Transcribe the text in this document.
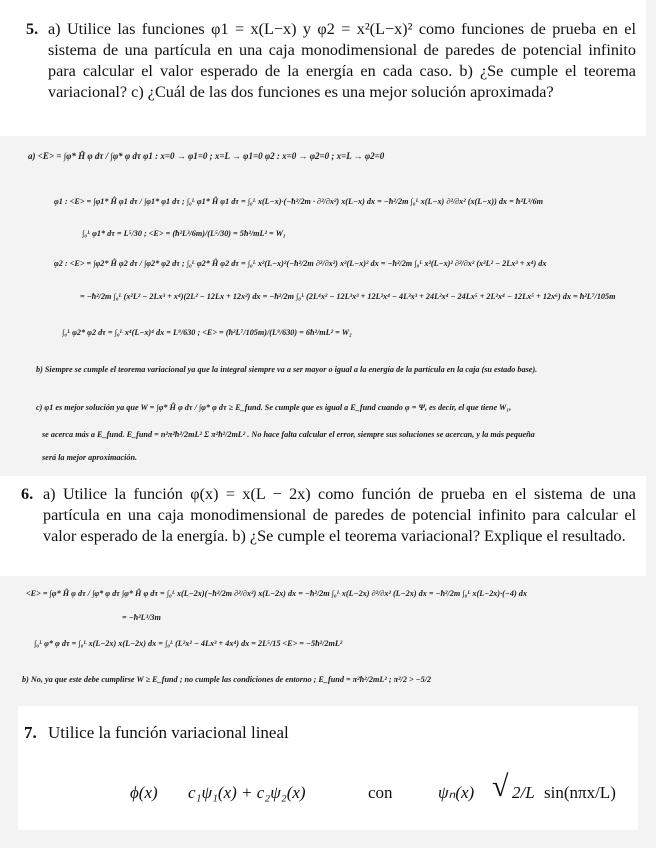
5. a) Utilice las funciones φ1 = x(L−x) y φ2 = x²(L−x)² como funciones de prueba en el sistema de una partícula en una caja monodimensional de paredes de potencial infinito para calcular el valor esperado de la energía en cada caso. b) ¿Se cumple el teorema variacional? c) ¿Cuál de las dos funciones es una mejor solución aproximada?
a) <E> = ∫φ* Ĥ φ dτ / ∫φ* φ dτ φ1 : x=0 → φ1=0 ; x=L → φ1=0 φ2 : x=0 → φ2=0 ; x=L → φ2=0
φ1 : <E> = ∫φ1* Ĥ φ1 dτ / ∫φ1* φ1 dτ ; ∫₀ᴸ φ1* Ĥ φ1 dτ = ∫₀ᴸ x(L−x)·(−ħ²/2m · ∂²/∂x²) x(L−x) dx = −ħ²/2m ∫₀ᴸ x(L−x) ∂²/∂x² (x(L−x)) dx = ħ²L³/6m
∫₀ᴸ φ1* dτ = L⁵/30 ; <E> = (ħ²L³/6m)/(L⁵/30) = 5ħ²/mL² = W₁
φ2 : <E> = ∫φ2* Ĥ φ2 dτ / ∫φ2* φ2 dτ ; ∫₀ᴸ φ2* Ĥ φ2 dτ = ∫₀ᴸ x²(L−x)²(−ħ²/2m ∂²/∂x²) x²(L−x)² dx = −ħ²/2m ∫₀ᴸ x²(L−x)² ∂²/∂x² (x²L² − 2Lx³ + x⁴) dx
= −ħ²/2m ∫₀ᴸ (x²L² − 2Lx³ + x⁴)(2L² − 12Lx + 12x²) dx = −ħ²/2m ∫₀ᴸ (2L⁴x² − 12L³x³ + 12L²x⁴ − 4L³x³ + 24L²x⁴ − 24Lx⁵ + 2L²x⁴ − 12Lx⁵ + 12x⁶) dx = ħ²L⁷/105m
∫₀ᴸ φ2* φ2 dτ = ∫₀ᴸ x⁴(L−x)⁴ dx = L⁹/630 ; <E> = (ħ²L⁷/105m)/(L⁹/630) = 6ħ²/mL² = W₂
b) Siempre se cumple el teorema variacional ya que la integral siempre va a ser mayor o igual a la energía de la partícula en la caja (su estado base).
c) φ1 es mejor solución ya que W = ∫φ* Ĥ φ dτ / ∫φ* φ dτ ≥ E_fund. Se cumple que es igual a E_fund cuando φ = Ψ, es decir, el que tiene W₁,
se acerca más a E_fund. E_fund = n²π²ħ²/2mL² Σ π²ħ²/2mL² . No hace falta calcular el error, siempre sus soluciones se acercan, y la más pequeña
será la mejor aproximación.
6. a) Utilice la función φ(x) = x(L − 2x) como función de prueba en el sistema de una partícula en una caja monodimensional de paredes de potencial infinito para calcular el valor esperado de la energía. b) ¿Se cumple el teorema variacional? Explique el resultado.
<E> = ∫φ* Ĥ φ dτ / ∫φ* φ dτ ∫φ* Ĥ φ dτ = ∫₀ᴸ x(L−2x)(−ħ²/2m ∂²/∂x²) x(L−2x) dx = −ħ²/2m ∫₀ᴸ x(L−2x) ∂²/∂x² (L−2x) dx = −ħ²/2m ∫₀ᴸ x(L−2x)·(−4) dx
= −ħ²L³/3m
∫₀ᴸ φ* φ dτ = ∫₀ᴸ x(L−2x) x(L−2x) dx = ∫₀ᴸ (L²x² − 4Lx³ + 4x⁴) dx = 2L⁵/15 <E> = −5ħ²/2mL²
b) No, ya que este debe cumplirse W ≥ E_fund ; no cumple las condiciones de entorno ; E_fund = π²ħ²/2mL² ; π²/2 > −5/2
7. Utilice la función variacional lineal
ϕ(x) c₁ψ₁(x) + c₂ψ₂(x)	con	ψₙ(x) √ 2/L sin(nπx/L)
